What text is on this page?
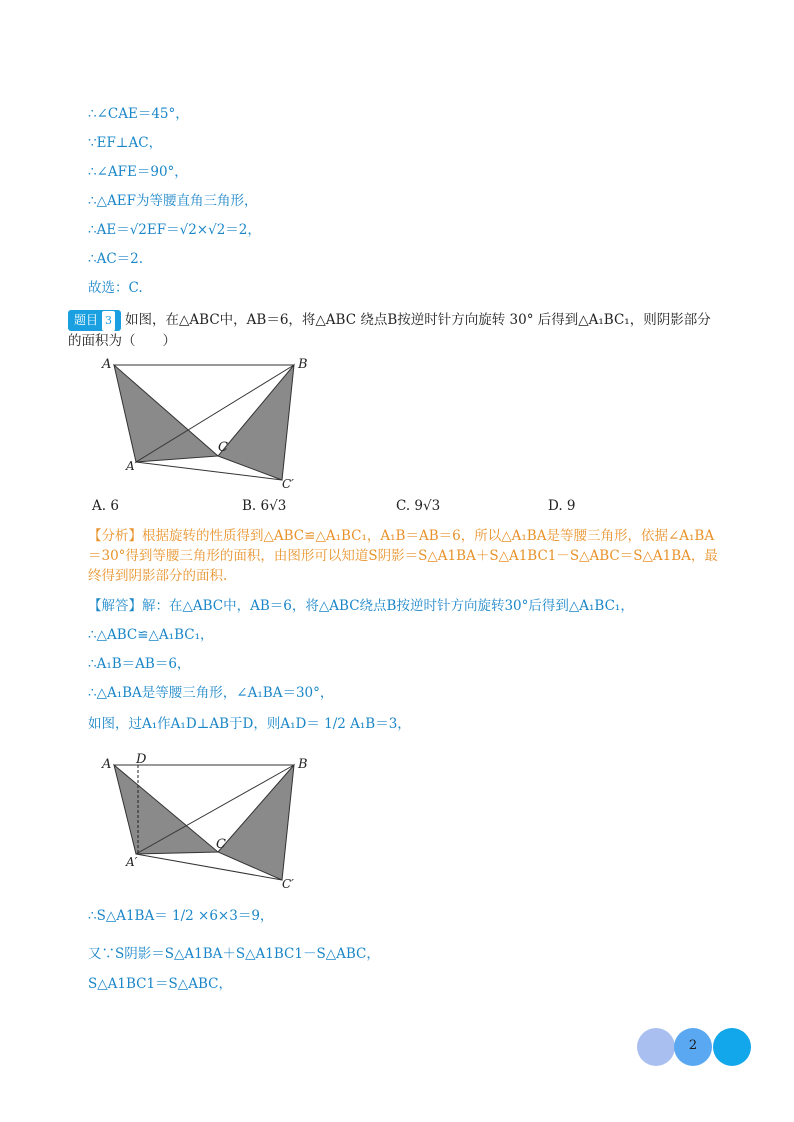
∴∠CAE＝45°，
∵EF⊥AC，
∴∠AFE＝90°，
∴△AEF为等腰直角三角形，
∴AE＝√2EF＝√2×√2＝2，
∴AC＝2.
故选：C.
题目 3 如图，在△ABC中，AB＝6，将△ABC 绕点B按逆时针方向旋转 30° 后得到△A₁BC₁，则阴影部分的面积为（　　）
A	B
C
A′
C′
A. 6	B. 6√3	C. 9√3	D. 9
【分析】根据旋转的性质得到△ABC≌△A₁BC₁，A₁B＝AB＝6，所以△A₁BA是等腰三角形，依据∠A₁BA＝30°得到等腰三角形的面积，由图形可以知道S阴影＝S△A1BA＋S△A1BC1－S△ABC＝S△A1BA，最终得到阴影部分的面积.
【解答】解：在△ABC中，AB＝6，将△ABC绕点B按逆时针方向旋转30°后得到△A₁BC₁，
∴△ABC≌△A₁BC₁，
∴A₁B＝AB＝6，
∴△A₁BA是等腰三角形，∠A₁BA＝30°，
如图，过A₁作A₁D⊥AB于D，则A₁D＝ 1/2 A₁B＝3，
A D	B
C
A′
C′
∴S△A1BA＝ 1/2 ×6×3＝9，
又∵S阴影＝S△A1BA＋S△A1BC1－S△ABC，
S△A1BC1＝S△ABC，
2
